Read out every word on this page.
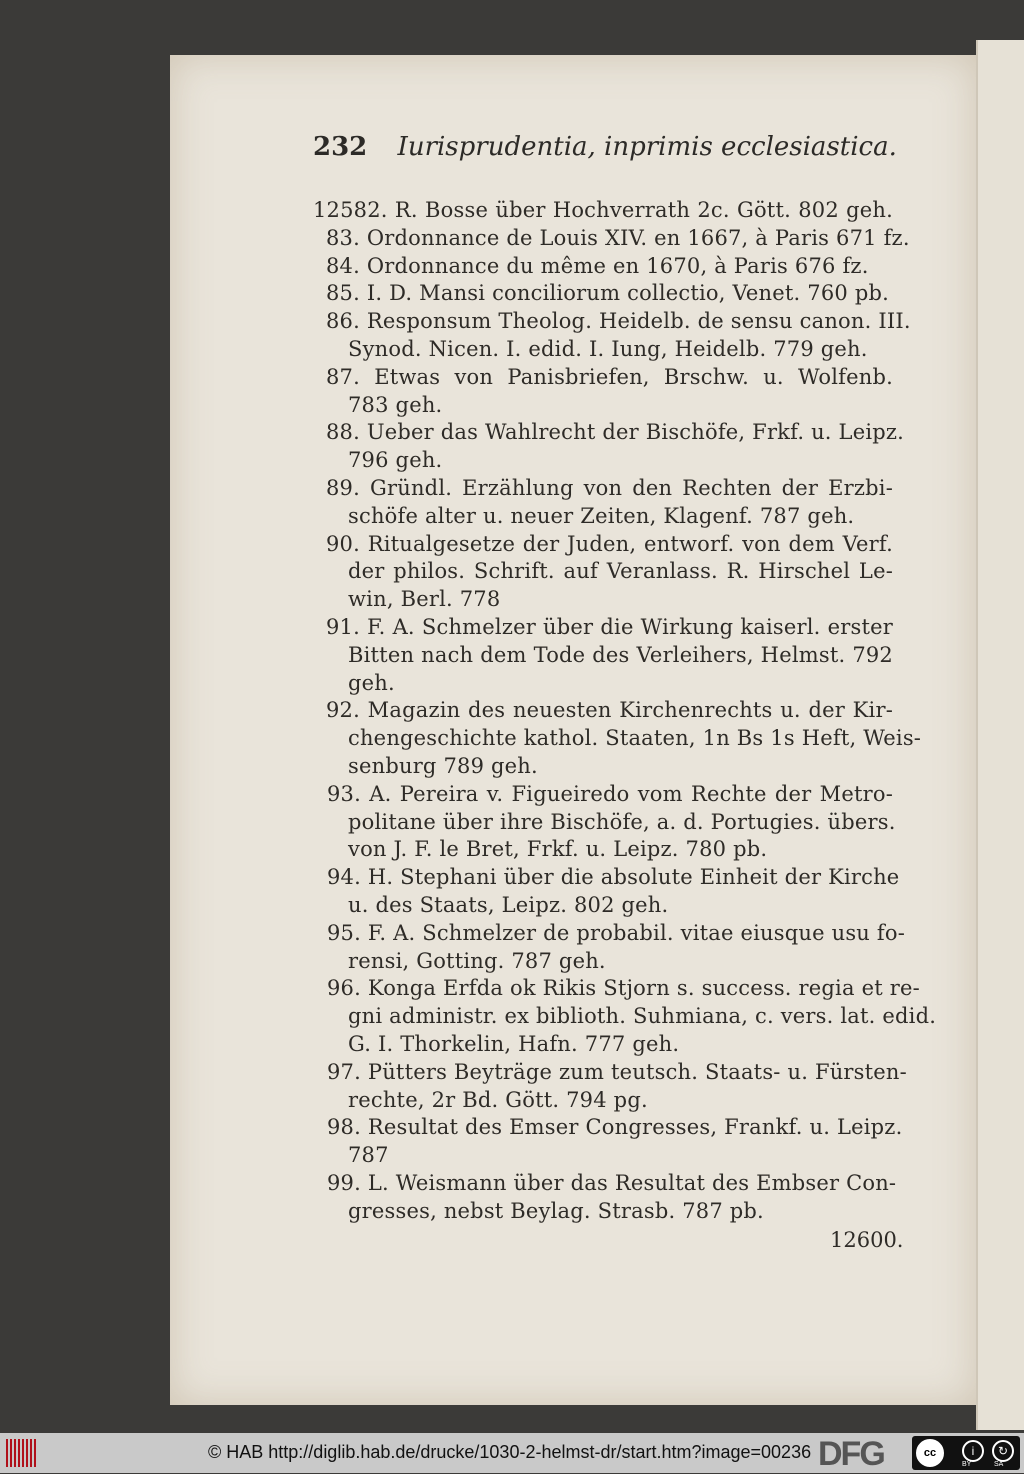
232 Iurisprudentia, inprimis ecclesiastica.
12582. R. Bosse über Hochverrath 2c. Gött. 802 geh.
83. Ordonnance de Louis XIV. en 1667, à Paris 671 fz.
84. Ordonnance du même en 1670, à Paris 676 fz.
85. I. D. Mansi conciliorum collectio, Venet. 760 pb.
86. Responsum Theolog. Heidelb. de sensu canon. III.
Synod. Nicen. I. edid. I. Iung, Heidelb. 779 geh.
87. Etwas von Panisbriefen, Brschw. u. Wolfenb.
783 geh.
88. Ueber das Wahlrecht der Bischöfe, Frkf. u. Leipz.
796 geh.
89. Gründl. Erzählung von den Rechten der Erzbi-
schöfe alter u. neuer Zeiten, Klagenf. 787 geh.
90. Ritualgesetze der Juden, entworf. von dem Verf.
der philos. Schrift. auf Veranlass. R. Hirschel Le-
win, Berl. 778
91. F. A. Schmelzer über die Wirkung kaiserl. erster
Bitten nach dem Tode des Verleihers, Helmst. 792
geh.
92. Magazin des neuesten Kirchenrechts u. der Kir-
chengeschichte kathol. Staaten, 1n Bs 1s Heft, Weis-
senburg 789 geh.
93. A. Pereira v. Figueiredo vom Rechte der Metro-
politane über ihre Bischöfe, a. d. Portugies. übers.
von J. F. le Bret, Frkf. u. Leipz. 780 pb.
94. H. Stephani über die absolute Einheit der Kirche
u. des Staats, Leipz. 802 geh.
95. F. A. Schmelzer de probabil. vitae eiusque usu fo-
rensi, Gotting. 787 geh.
96. Konga Erfda ok Rikis Stjorn s. success. regia et re-
gni administr. ex biblioth. Suhmiana, c. vers. lat. edid.
G. I. Thorkelin, Hafn. 777 geh.
97. Pütters Beyträge zum teutsch. Staats- u. Fürsten-
rechte, 2r Bd. Gött. 794 pg.
98. Resultat des Emser Congresses, Frankf. u. Leipz.
787
99. L. Weismann über das Resultat des Embser Con-
gresses, nebst Beylag. Strasb. 787 pb.
12600.
© HAB http://diglib.hab.de/drucke/1030-2-helmst-dr/start.htm?image=00236 DFG	cc	i	↻
BY	SA
